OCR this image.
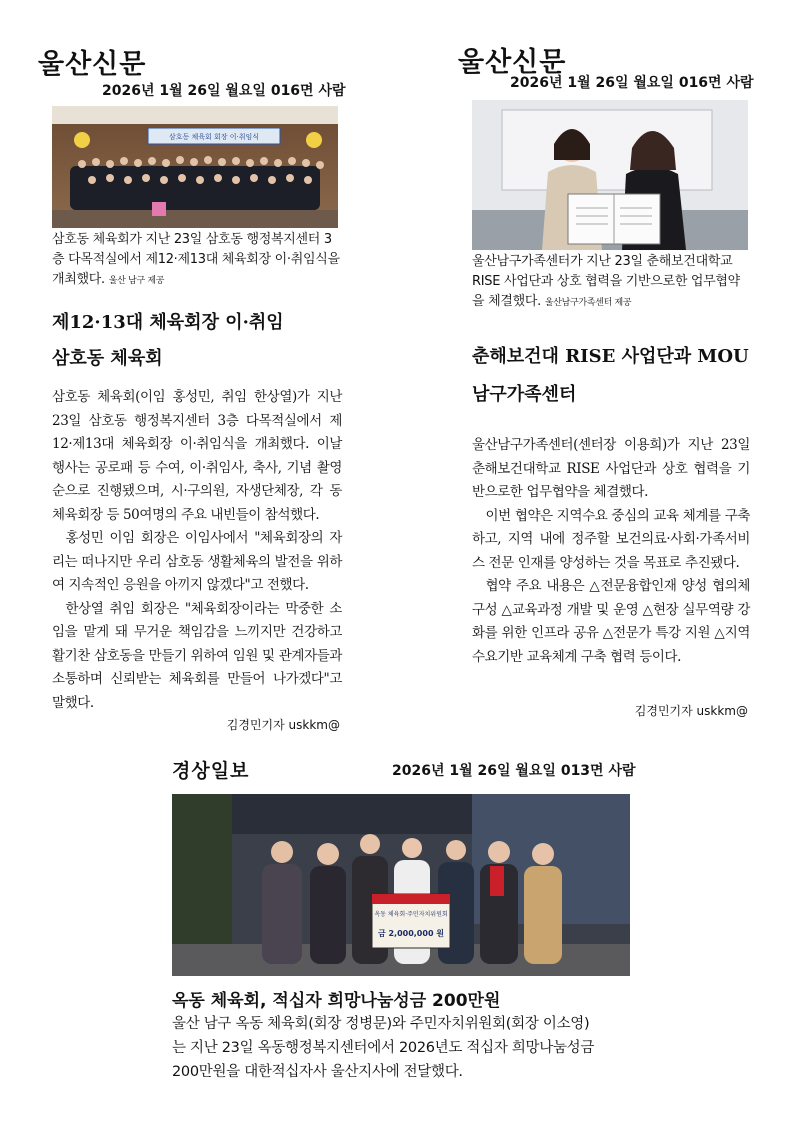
울산신문
2026년 1월 26일 월요일 016면 사람
삼호동 체육회 회장 이·취임식
삼호동 체육회가 지난 23일 삼호동 행정복지센터 3층 다목적실에서 제12·제13대 체육회장 이·취임식을 개최했다. 울산 남구 제공
제12·13대 체육회장 이·취임
삼호동 체육회

삼호동 체육회(이임 홍성민, 취임 한상열)가 지난 23일 삼호동 행정복지센터 3층 다목적실에서 제12·제13대 체육회장 이·취임식을 개최했다. 이날 행사는 공로패 등 수여, 이·취임사, 축사, 기념 촬영 순으로 진행됐으며, 시·구의원, 자생단체장, 각 동 체육회장 등 50여명의 주요 내빈들이 참석했다.

홍성민 이임 회장은 이임사에서 "체육회장의 자리는 떠나지만 우리 삼호동 생활체육의 발전을 위하여 지속적인 응원을 아끼지 않겠다"고 전했다.

한상열 취임 회장은 "체육회장이라는 막중한 소임을 맡게 돼 무거운 책임감을 느끼지만 건강하고 활기찬 삼호동을 만들기 위하여 임원 및 관계자들과 소통하며 신뢰받는 체육회를 만들어 나가겠다"고 말했다.

김경민기자 uskkm@
울산신문
2026년 1월 26일 월요일 016면 사람
울산남구가족센터가 지난 23일 춘해보건대학교 RISE 사업단과 상호 협력을 기반으로한 업무협약을 체결했다. 울산남구가족센터 제공
춘해보건대 RISE 사업단과 MOU
남구가족센터

울산남구가족센터(센터장 이용희)가 지난 23일 춘해보건대학교 RISE 사업단과 상호 협력을 기반으로한 업무협약을 체결했다.

이번 협약은 지역수요 중심의 교육 체계를 구축하고, 지역 내에 정주할 보건의료·사회·가족서비스 전문 인재를 양성하는 것을 목표로 추진됐다.

협약 주요 내용은 △전문융합인재 양성 협의체 구성 △교육과정 개발 및 운영 △현장 실무역량 강화를 위한 인프라 공유 △전문가 특강 지원 △지역수요기반 교육체계 구축 협력 등이다.

김경민기자 uskkm@
경상일보	2026년 1월 26일 월요일 013면 사람
옥동 체육회·주민자치위원회
금 2,000,000 원
옥동 체육회, 적십자 희망나눔성금 200만원
울산 남구 옥동 체육회(회장 정병문)와 주민자치위원회(회장 이소영)
는 지난 23일 옥동행정복지센터에서 2026년도 적십자 희망나눔성금
200만원을 대한적십자사 울산지사에 전달했다.
